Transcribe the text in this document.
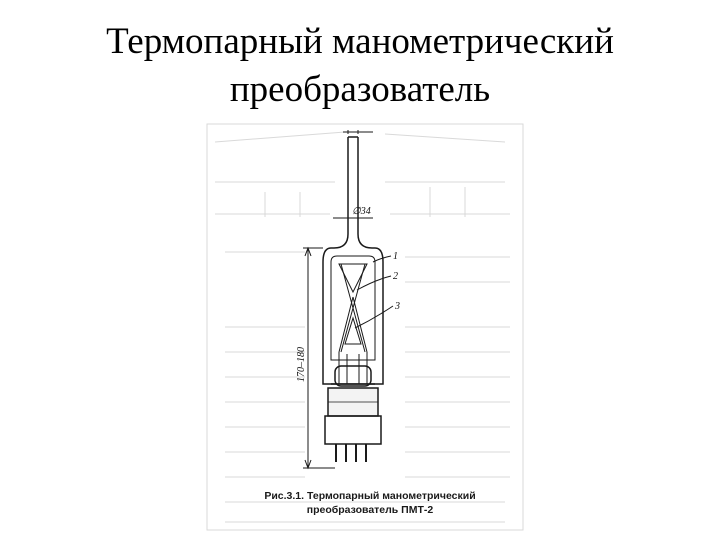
Термопарный манометрический
преобразователь
1
2
3
∅34
170–180
Рис.3.1. Термопарный манометрический
преобразователь ПМТ-2
